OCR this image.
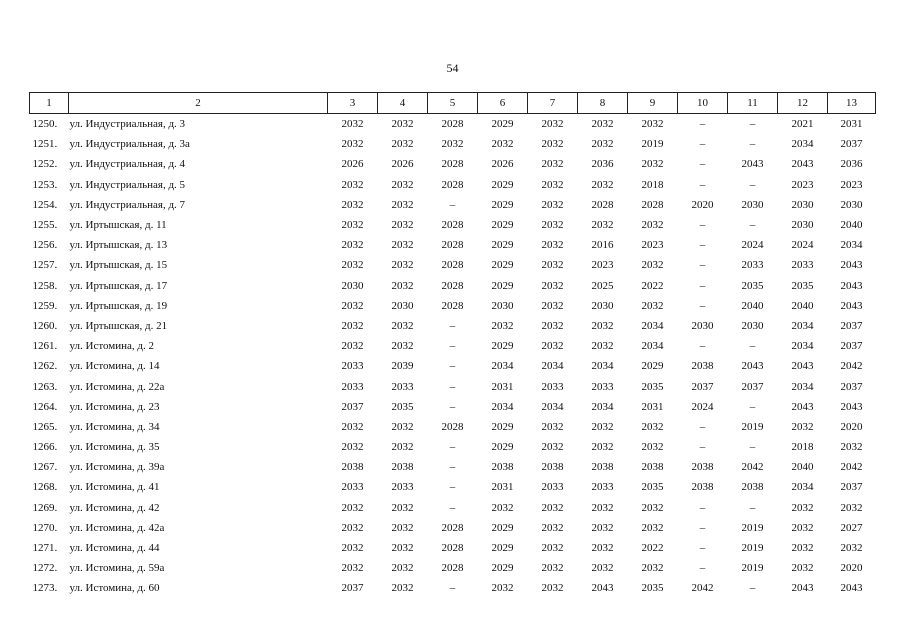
54
1	2	3	4	5	6	7	8	9	10	11	12	13
1250.	ул. Индустриальная, д. 3	2032	2032	2028	2029	2032	2032	2032	–	–	2021	2031
1251.	ул. Индустриальная, д. 3а	2032	2032	2032	2032	2032	2032	2019	–	–	2034	2037
1252.	ул. Индустриальная, д. 4	2026	2026	2028	2026	2032	2036	2032	–	2043	2043	2036
1253.	ул. Индустриальная, д. 5	2032	2032	2028	2029	2032	2032	2018	–	–	2023	2023
1254.	ул. Индустриальная, д. 7	2032	2032	–	2029	2032	2028	2028	2020	2030	2030	2030
1255.	ул. Иртышская, д. 11	2032	2032	2028	2029	2032	2032	2032	–	–	2030	2040
1256.	ул. Иртышская, д. 13	2032	2032	2028	2029	2032	2016	2023	–	2024	2024	2034
1257.	ул. Иртышская, д. 15	2032	2032	2028	2029	2032	2023	2032	–	2033	2033	2043
1258.	ул. Иртышская, д. 17	2030	2032	2028	2029	2032	2025	2022	–	2035	2035	2043
1259.	ул. Иртышская, д. 19	2032	2030	2028	2030	2032	2030	2032	–	2040	2040	2043
1260.	ул. Иртышская, д. 21	2032	2032	–	2032	2032	2032	2034	2030	2030	2034	2037
1261.	ул. Истомина, д. 2	2032	2032	–	2029	2032	2032	2034	–	–	2034	2037
1262.	ул. Истомина, д. 14	2033	2039	–	2034	2034	2034	2029	2038	2043	2043	2042
1263.	ул. Истомина, д. 22а	2033	2033	–	2031	2033	2033	2035	2037	2037	2034	2037
1264.	ул. Истомина, д. 23	2037	2035	–	2034	2034	2034	2031	2024	–	2043	2043
1265.	ул. Истомина, д. 34	2032	2032	2028	2029	2032	2032	2032	–	2019	2032	2020
1266.	ул. Истомина, д. 35	2032	2032	–	2029	2032	2032	2032	–	–	2018	2032
1267.	ул. Истомина, д. 39а	2038	2038	–	2038	2038	2038	2038	2038	2042	2040	2042
1268.	ул. Истомина, д. 41	2033	2033	–	2031	2033	2033	2035	2038	2038	2034	2037
1269.	ул. Истомина, д. 42	2032	2032	–	2032	2032	2032	2032	–	–	2032	2032
1270.	ул. Истомина, д. 42а	2032	2032	2028	2029	2032	2032	2032	–	2019	2032	2027
1271.	ул. Истомина, д. 44	2032	2032	2028	2029	2032	2032	2022	–	2019	2032	2032
1272.	ул. Истомина, д. 59а	2032	2032	2028	2029	2032	2032	2032	–	2019	2032	2020
1273.	ул. Истомина, д. 60	2037	2032	–	2032	2032	2043	2035	2042	–	2043	2043
